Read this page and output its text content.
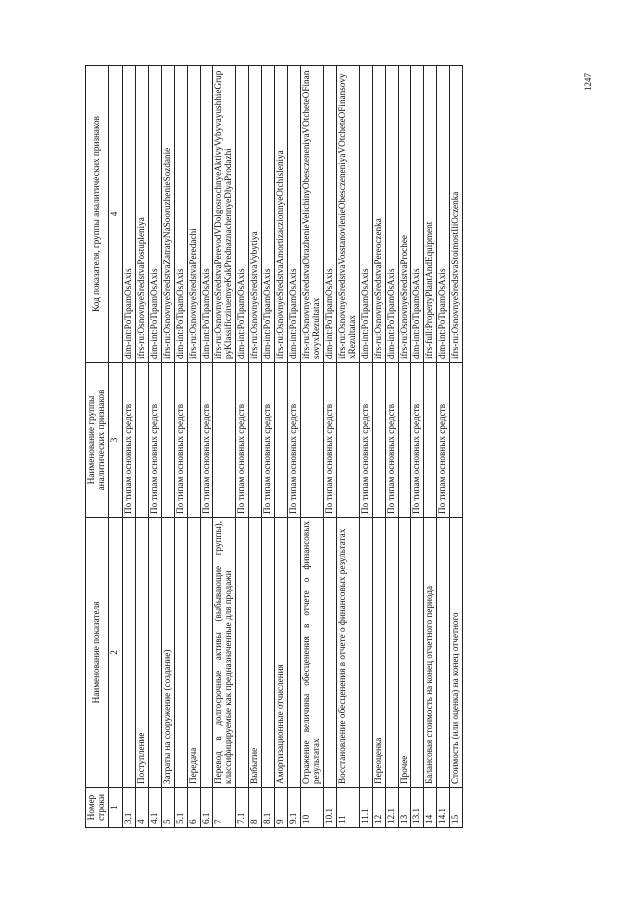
1247
Номер строки	Наименование показателя	Наименование группы аналитических признаков	Код показателя, группы аналитических признаков
1	2	3	4
3.1		По типам основных средств	dim-int:PoTipamOsAxis
4	Поступление		ifrs-ru:OsnovnyeSredstvaPostupleniya
4.1		По типам основных средств	dim-int:PoTipamOsAxis
5	Затраты на сооружение (создание)		ifrs-ru:OsnovnyeSredstvaZatratyNaSooruzhenieSozdanie
5.1		По типам основных средств	dim-int:PoTipamOsAxis
6	Передача		ifrs-ru:OsnovnyeSredstvaPeredachi
6.1		По типам основных средств	dim-int:PoTipamOsAxis
7	Перевод в долгосрочные активы (выбывающие группы), классифицируемые как предназначенные для продажи		ifrs-ru:OsnovnyeSredstvaPerevodVDolgosrochnyeAktivyVybyvayushhieGruppyKlassificziruemyeKakPrednaznachennyeDlyaProdazhi
7.1		По типам основных средств	dim-int:PoTipamOsAxis
8	Выбытие		ifrs-ru:OsnovnyeSredstvaVybytiya
8.1		По типам основных средств	dim-int:PoTipamOsAxis
9	Амортизационные отчисления		ifrs-ru:OsnovnyeSredstvaAmortizaczionnyeOtchisleniya
9.1		По типам основных средств	dim-int:PoTipamOsAxis
10	Отражение величины обесценения в отчете о финансовых результатах		ifrs-ru:OsnovnyeSredstvaOtrazhenieVelichinyObesczeneniyaVOtcheteOFinansovyxRezultatax
10.1		По типам основных средств	dim-int:PoTipamOsAxis
11	Восстановление обесценения в отчете о финансовых результатах		ifrs-ru:OsnovnyeSredstvaVosstanovlenieObesczeneniyaVOtcheteOFinansovyxRezultatax
11.1		По типам основных средств	dim-int:PoTipamOsAxis
12	Переоценка		ifrs-ru:OsnovnyeSredstvaPereoczenka
12.1		По типам основных средств	dim-int:PoTipamOsAxis
13	Прочее		ifrs-ru:OsnovnyeSredstvaProchee
13.1		По типам основных средств	dim-int:PoTipamOsAxis
14	Балансовая стоимость на конец отчетного периода		ifrs-full:PropertyPlantAndEquipment
14.1		По типам основных средств	dim-int:PoTipamOsAxis
15	Стоимость (или оценка) на конец отчетного		ifrs-ru:OsnovnyeSredstvaStoimostIliOczenka
